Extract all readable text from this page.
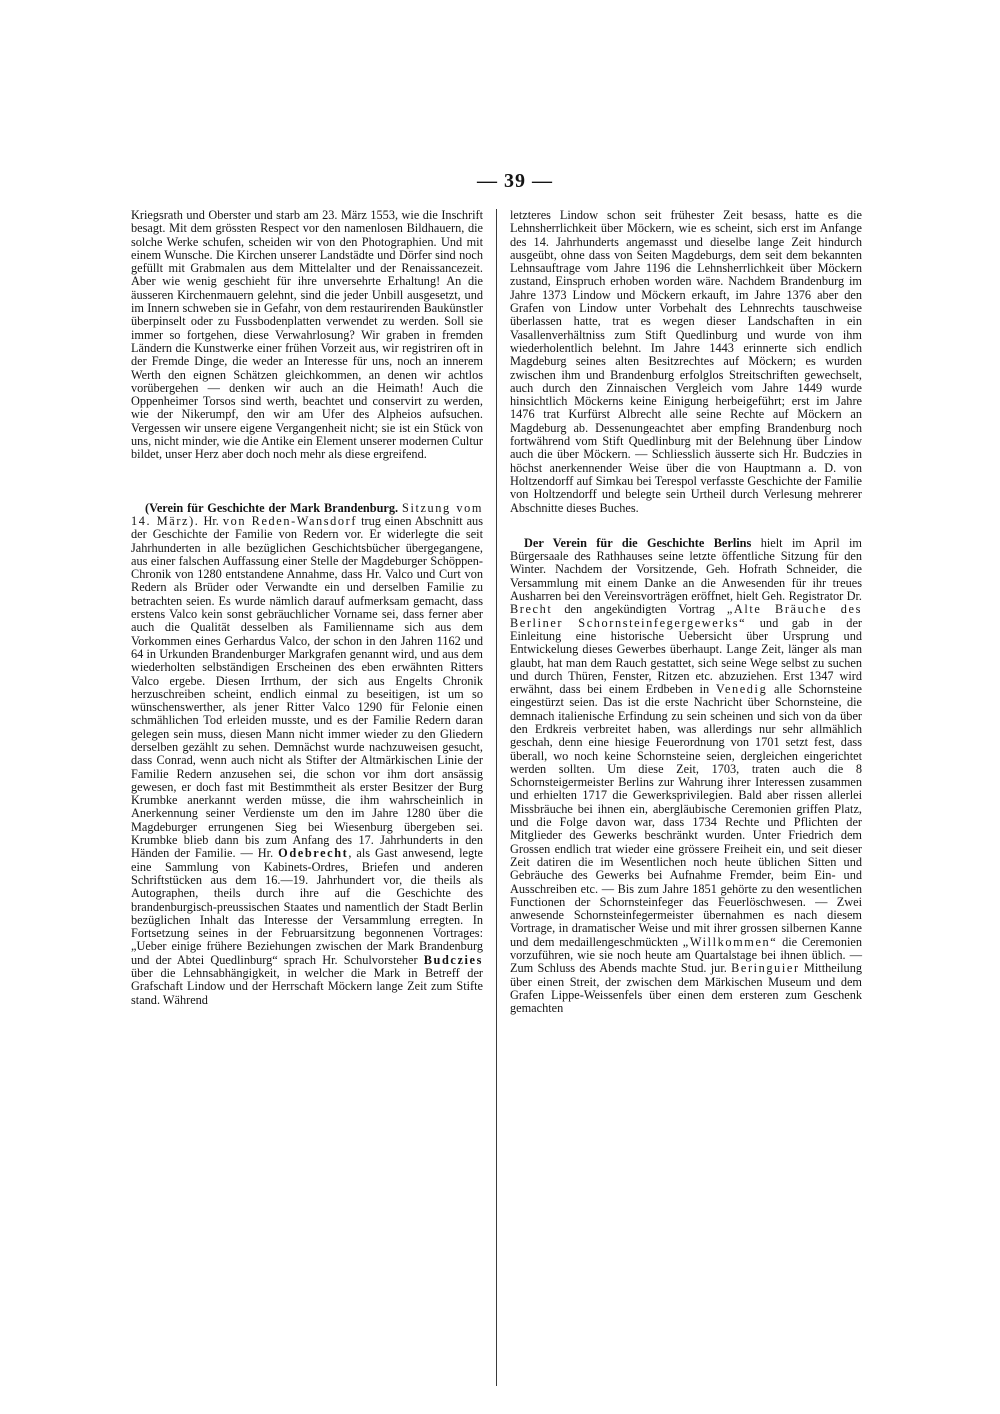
— 39 —

Kriegsrath und Oberster und starb am 23. März 1553, wie die Inschrift besagt. Mit dem grössten Respect vor den namenlosen Bildhauern, die solche Werke schufen, scheiden wir von den Photographien. Und mit einem Wunsche. Die Kirchen unserer Landstädte und Dörfer sind noch gefüllt mit Grabmalen aus dem Mittelalter und der Renaissancezeit. Aber wie wenig geschieht für ihre unversehrte Erhaltung! An die äusseren Kirchenmauern gelehnt, sind die jeder Unbill ausgesetzt, und im Innern schweben sie in Gefahr, von dem restaurirenden Baukünstler überpinselt oder zu Fussbodenplatten verwendet zu werden. Soll sie immer so fortgehen, diese Verwahrlosung? Wir graben in fremden Ländern die Kunstwerke einer frühen Vorzeit aus, wir registriren oft in der Fremde Dinge, die weder an Interesse für uns, noch an innerem Werth den eignen Schätzen gleichkommen, an denen wir achtlos vorübergehen — denken wir auch an die Heimath! Auch die Oppenheimer Torsos sind werth, beachtet und conservirt zu werden, wie der Nikerumpf, den wir am Ufer des Alpheios aufsuchen. Vergessen wir unsere eigene Vergangenheit nicht; sie ist ein Stück von uns, nicht minder, wie die Antike ein Element unserer modernen Cultur bildet, unser Herz aber doch noch mehr als diese ergreifend.

(Verein für Geschichte der Mark Brandenburg. Sitzung vom 14. März). Hr. von Reden-Wansdorf trug einen Abschnitt aus der Geschichte der Familie von Redern vor. Er widerlegte die seit Jahrhunderten in alle bezüglichen Geschichtsbücher übergegangene, aus einer falschen Auffassung einer Stelle der Magdeburger Schöppen-Chronik von 1280 entstandene Annahme, dass Hr. Valco und Curt von Redern als Brüder oder Verwandte ein und derselben Familie zu betrachten seien. Es wurde nämlich darauf aufmerksam gemacht, dass erstens Valco kein sonst gebräuchlicher Vorname sei, dass ferner aber auch die Qualität desselben als Familienname sich aus dem Vorkommen eines Gerhardus Valco, der schon in den Jahren 1162 und 64 in Urkunden Brandenburger Markgrafen genannt wird, und aus dem wiederholten selbständigen Erscheinen des eben erwähnten Ritters Valco ergebe. Diesen Irrthum, der sich aus Engelts Chronik herzuschreiben scheint, endlich einmal zu beseitigen, ist um so wünschenswerther, als jener Ritter Valco 1290 für Felonie einen schmählichen Tod erleiden musste, und es der Familie Redern daran gelegen sein muss, diesen Mann nicht immer wieder zu den Gliedern derselben gezählt zu sehen. Demnächst wurde nachzuweisen gesucht, dass Conrad, wenn auch nicht als Stifter der Altmärkischen Linie der Familie Redern anzusehen sei, die schon vor ihm dort ansässig gewesen, er doch fast mit Bestimmtheit als erster Besitzer der Burg Krumbke anerkannt werden müsse, die ihm wahrscheinlich in Anerkennung seiner Verdienste um den im Jahre 1280 über die Magdeburger errungenen Sieg bei Wiesenburg übergeben sei. Krumbke blieb dann bis zum Anfang des 17. Jahrhunderts in den Händen der Familie. — Hr. Odebrecht, als Gast anwesend, legte eine Sammlung von Kabinets-Ordres, Briefen und anderen Schriftstücken aus dem 16.—19. Jahrhundert vor, die theils als Autographen, theils durch ihre auf die Geschichte des brandenburgisch-preussischen Staates und namentlich der Stadt Berlin bezüglichen Inhalt das Interesse der Versammlung erregten. In Fortsetzung seines in der Februarsitzung begonnenen Vortrages: „Ueber einige frühere Beziehungen zwischen der Mark Brandenburg und der Abtei Quedlinburg“ sprach Hr. Schulvorsteher Budczies über die Lehnsabhängigkeit, in welcher die Mark in Betreff der Grafschaft Lindow und der Herrschaft Möckern lange Zeit zum Stifte stand. Während

letzteres Lindow schon seit frühester Zeit besass, hatte es die Lehnsherrlichkeit über Möckern, wie es scheint, sich erst im Anfange des 14. Jahrhunderts angemasst und dieselbe lange Zeit hindurch ausgeübt, ohne dass von Seiten Magdeburgs, dem seit dem bekannten Lehnsauftrage vom Jahre 1196 die Lehnsherrlichkeit über Möckern zustand, Einspruch erhoben worden wäre. Nachdem Brandenburg im Jahre 1373 Lindow und Möckern erkauft, im Jahre 1376 aber den Grafen von Lindow unter Vorbehalt des Lehnrechts tauschweise überlassen hatte, trat es wegen dieser Landschaften in ein Vasallenverhältniss zum Stift Quedlinburg und wurde von ihm wiederholentlich belehnt. Im Jahre 1443 erinnerte sich endlich Magdeburg seines alten Besitzrechtes auf Möckern; es wurden zwischen ihm und Brandenburg erfolglos Streitschriften gewechselt, auch durch den Zinnaischen Vergleich vom Jahre 1449 wurde hinsichtlich Möckerns keine Einigung herbeigeführt; erst im Jahre 1476 trat Kurfürst Albrecht alle seine Rechte auf Möckern an Magdeburg ab. Dessenungeachtet aber empfing Brandenburg noch fortwährend vom Stift Quedlinburg mit der Belehnung über Lindow auch die über Möckern. — Schliesslich äusserte sich Hr. Budczies in höchst anerkennender Weise über die von Hauptmann a. D. von Holtzendorff auf Simkau bei Terespol verfasste Geschichte der Familie von Holtzendorff und belegte sein Urtheil durch Verlesung mehrerer Abschnitte dieses Buches.

Der Verein für die Geschichte Berlins hielt im April im Bürgersaale des Rathhauses seine letzte öffentliche Sitzung für den Winter. Nachdem der Vorsitzende, Geh. Hofrath Schneider, die Versammlung mit einem Danke an die Anwesenden für ihr treues Ausharren bei den Vereinsvorträgen eröffnet, hielt Geh. Registrator Dr. Brecht den angekündigten Vortrag „Alte Bräuche des Berliner Schornsteinfegergewerks“ und gab in der Einleitung eine historische Uebersicht über Ursprung und Entwickelung dieses Gewerbes überhaupt. Lange Zeit, länger als man glaubt, hat man dem Rauch gestattet, sich seine Wege selbst zu suchen und durch Thüren, Fenster, Ritzen etc. abzuziehen. Erst 1347 wird erwähnt, dass bei einem Erdbeben in Venedig alle Schornsteine eingestürzt seien. Das ist die erste Nachricht über Schornsteine, die demnach italienische Erfindung zu sein scheinen und sich von da über den Erdkreis verbreitet haben, was allerdings nur sehr allmählich geschah, denn eine hiesige Feuerordnung von 1701 setzt fest, dass überall, wo noch keine Schornsteine seien, dergleichen eingerichtet werden sollten. Um diese Zeit, 1703, traten auch die 8 Schornsteigermeister Berlins zur Wahrung ihrer Interessen zusammen und erhielten 1717 die Gewerksprivilegien. Bald aber rissen allerlei Missbräuche bei ihnen ein, abergläubische Ceremonien griffen Platz, und die Folge davon war, dass 1734 Rechte und Pflichten der Mitglieder des Gewerks beschränkt wurden. Unter Friedrich dem Grossen endlich trat wieder eine grössere Freiheit ein, und seit dieser Zeit datiren die im Wesentlichen noch heute üblichen Sitten und Gebräuche des Gewerks bei Aufnahme Fremder, beim Ein- und Ausschreiben etc. — Bis zum Jahre 1851 gehörte zu den wesentlichen Functionen der Schornsteinfeger das Feuerlöschwesen. — Zwei anwesende Schornsteinfegermeister übernahmen es nach diesem Vortrage, in dramatischer Weise und mit ihrer grossen silbernen Kanne und dem medaillengeschmückten „Willkommen“ die Ceremonien vorzuführen, wie sie noch heute am Quartalstage bei ihnen üblich. — Zum Schluss des Abends machte Stud. jur. Beringuier Mittheilung über einen Streit, der zwischen dem Märkischen Museum und dem Grafen Lippe-Weissenfels über einen dem ersteren zum Geschenk gemachten
